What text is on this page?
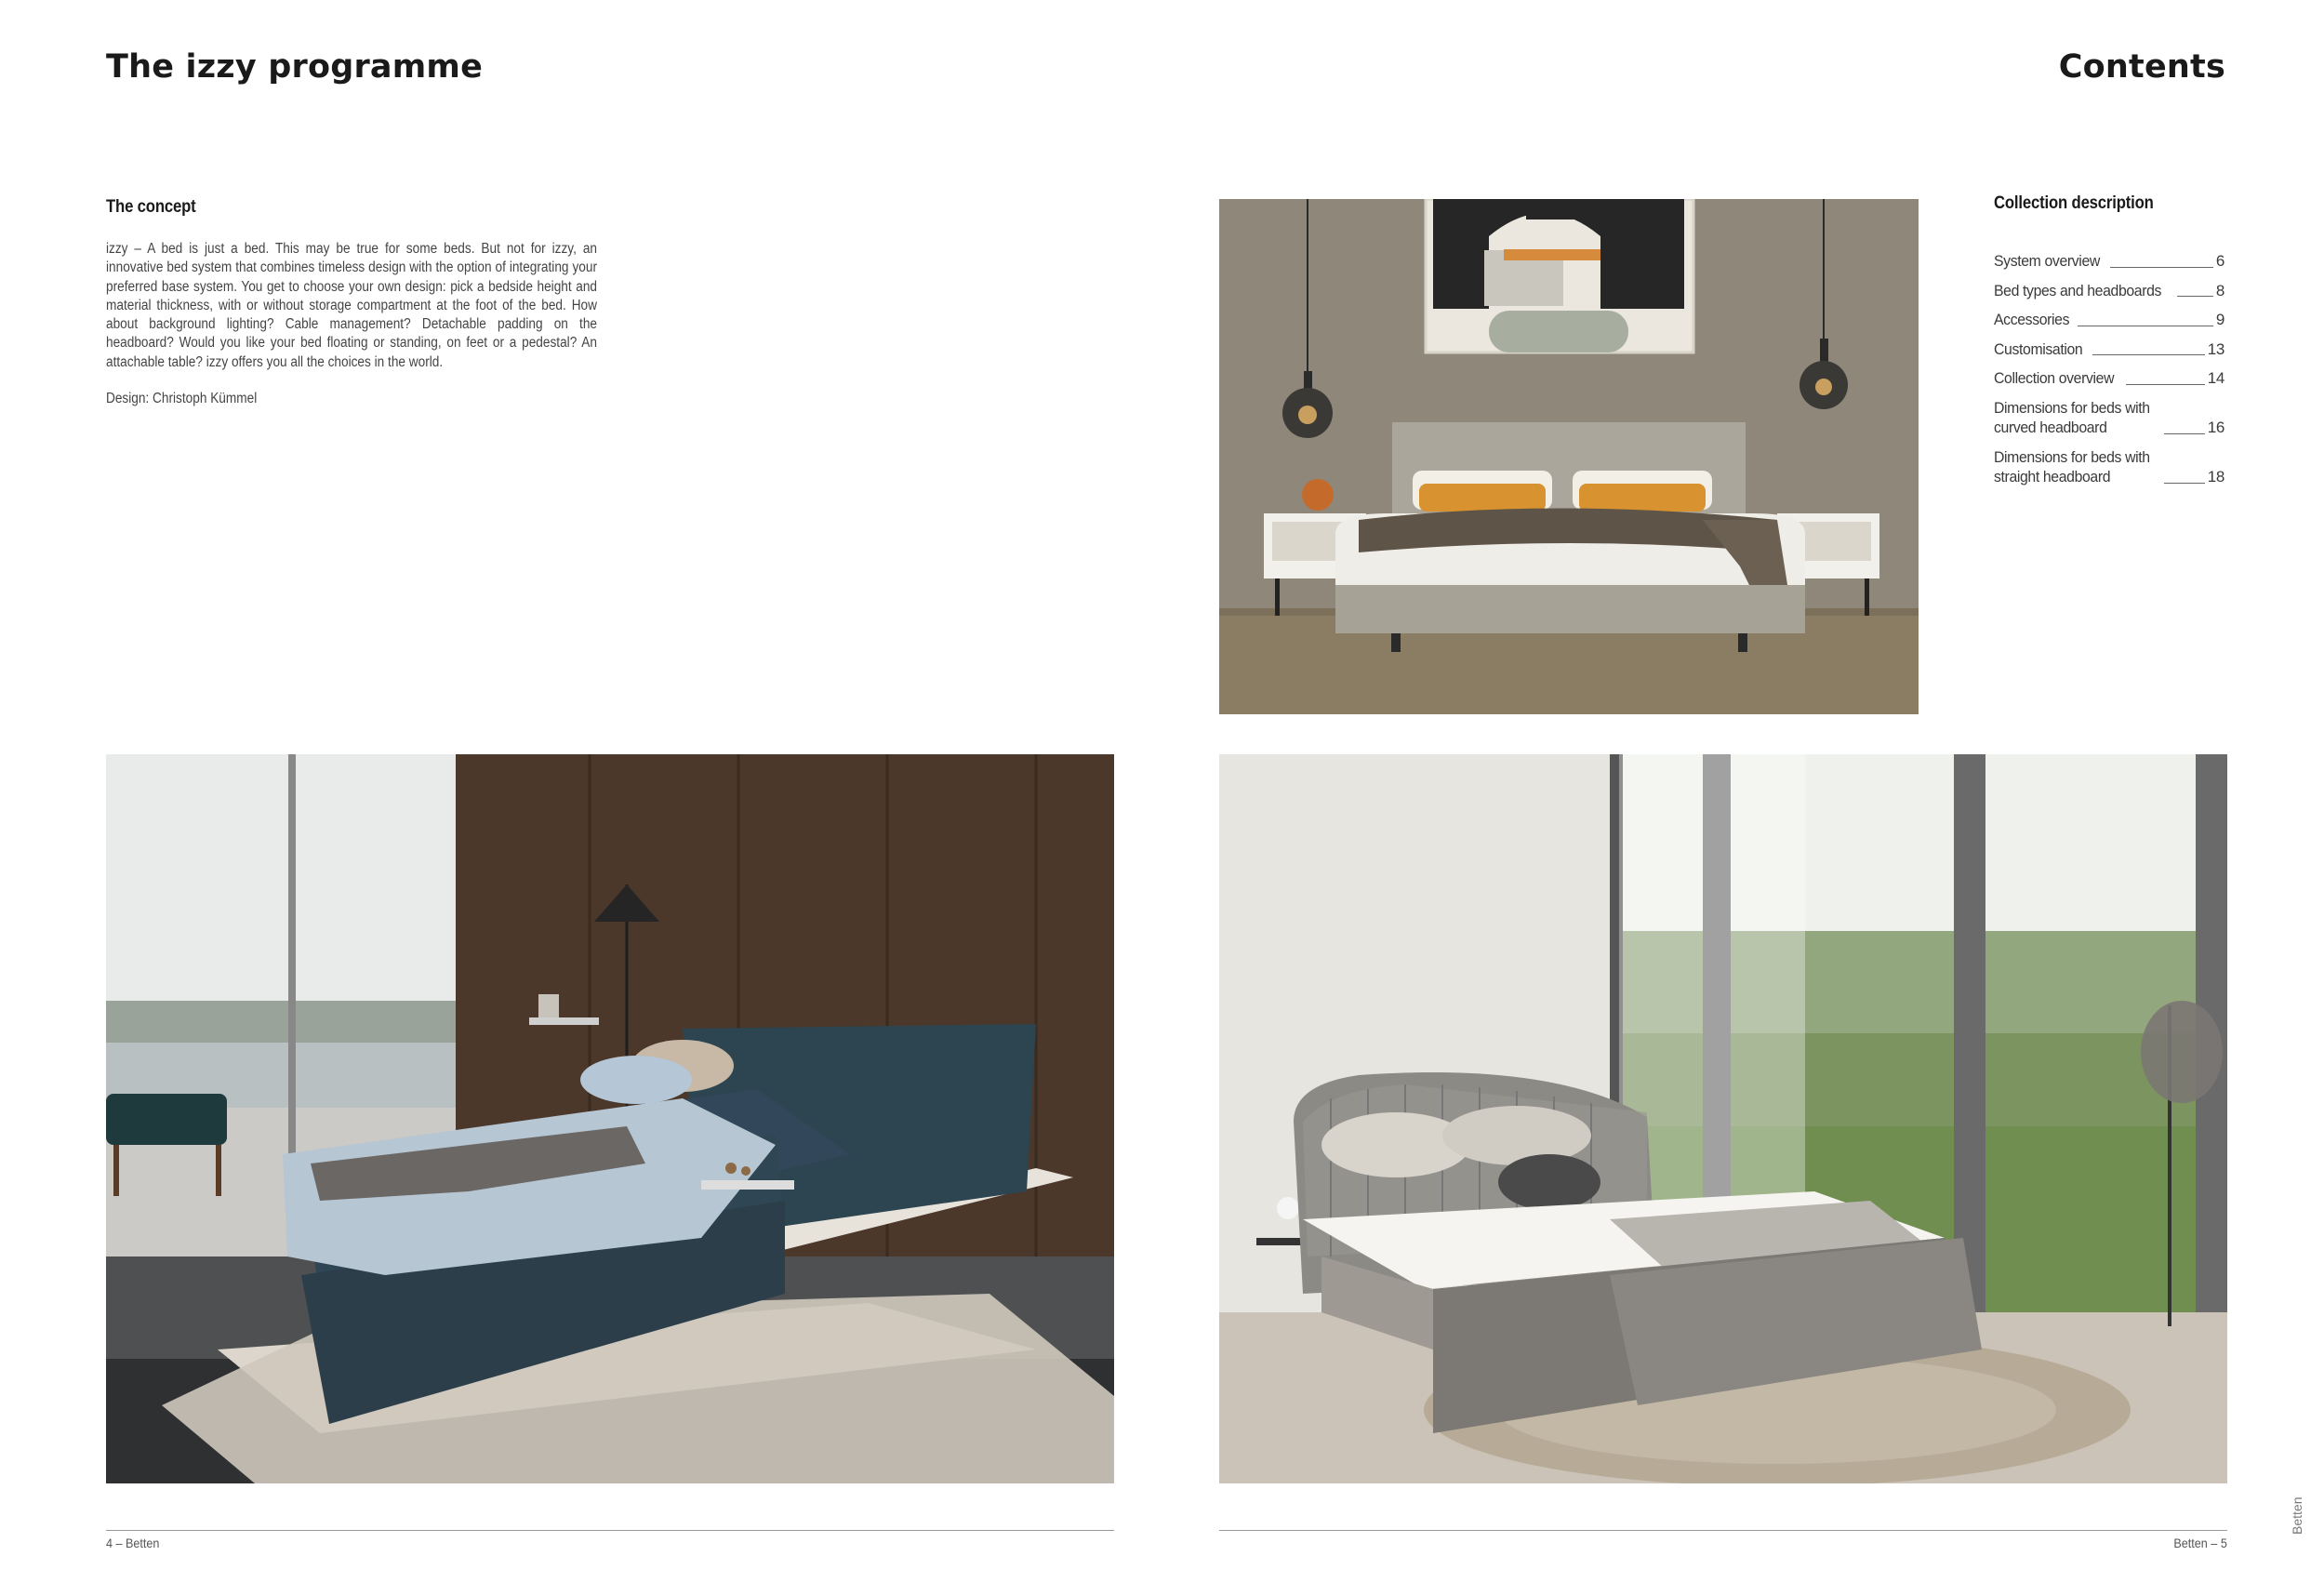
The izzy programme	Contents
The concept
izzy – A bed is just a bed. This may be true for some beds. But not for izzy, an innovative bed system that combines timeless design with the option of integrating your preferred base system. You get to choose your own design: pick a bedside height and material thickness, with or without storage compartment at the foot of the bed. How about background lighting? Cable management? Detachable padding on the headboard? Would you like your bed floating or standing, on feet or a pedestal? An attachable table? izzy offers you all the choices in the world.
Design: Christoph Kümmel
Collection description
System overview	6
Bed types and headboards	8
Accessories	9
Customisation	13
Collection overview	14
Dimensions for beds with
curved headboard	16
Dimensions for beds with
straight headboard	18
4 – Betten	Betten – 5
Betten
